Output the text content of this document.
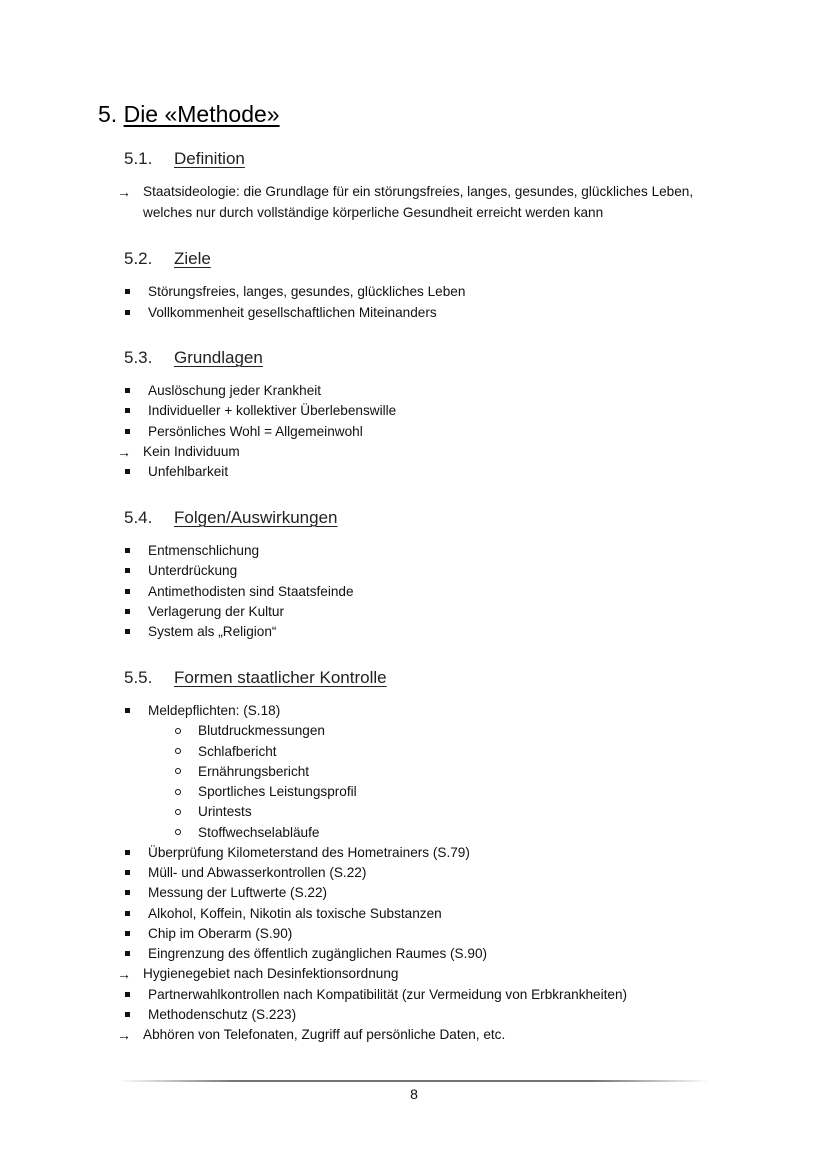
5. Die «Methode»
5.1. Definition
→ Staatsideologie: die Grundlage für ein störungsfreies, langes, gesundes, glückliches Leben,
welches nur durch vollständige körperliche Gesundheit erreicht werden kann
5.2. Ziele
Störungsfreies, langes, gesundes, glückliches Leben
Vollkommenheit gesellschaftlichen Miteinanders
5.3. Grundlagen
Auslöschung jeder Krankheit
Individueller + kollektiver Überlebenswille
Persönliches Wohl = Allgemeinwohl
→ Kein Individuum
Unfehlbarkeit
5.4. Folgen/Auswirkungen
Entmenschlichung
Unterdrückung
Antimethodisten sind Staatsfeinde
Verlagerung der Kultur
System als „Religion“
5.5. Formen staatlicher Kontrolle
Meldepflichten: (S.18)
Blutdruckmessungen
Schlafbericht
Ernährungsbericht
Sportliches Leistungsprofil
Urintests
Stoffwechselabläufe
Überprüfung Kilometerstand des Hometrainers (S.79)
Müll- und Abwasserkontrollen (S.22)
Messung der Luftwerte (S.22)
Alkohol, Koffein, Nikotin als toxische Substanzen
Chip im Oberarm (S.90)
Eingrenzung des öffentlich zugänglichen Raumes (S.90)
→ Hygienegebiet nach Desinfektionsordnung
Partnerwahlkontrollen nach Kompatibilität (zur Vermeidung von Erbkrankheiten)
Methodenschutz (S.223)
→ Abhören von Telefonaten, Zugriff auf persönliche Daten, etc.
8
